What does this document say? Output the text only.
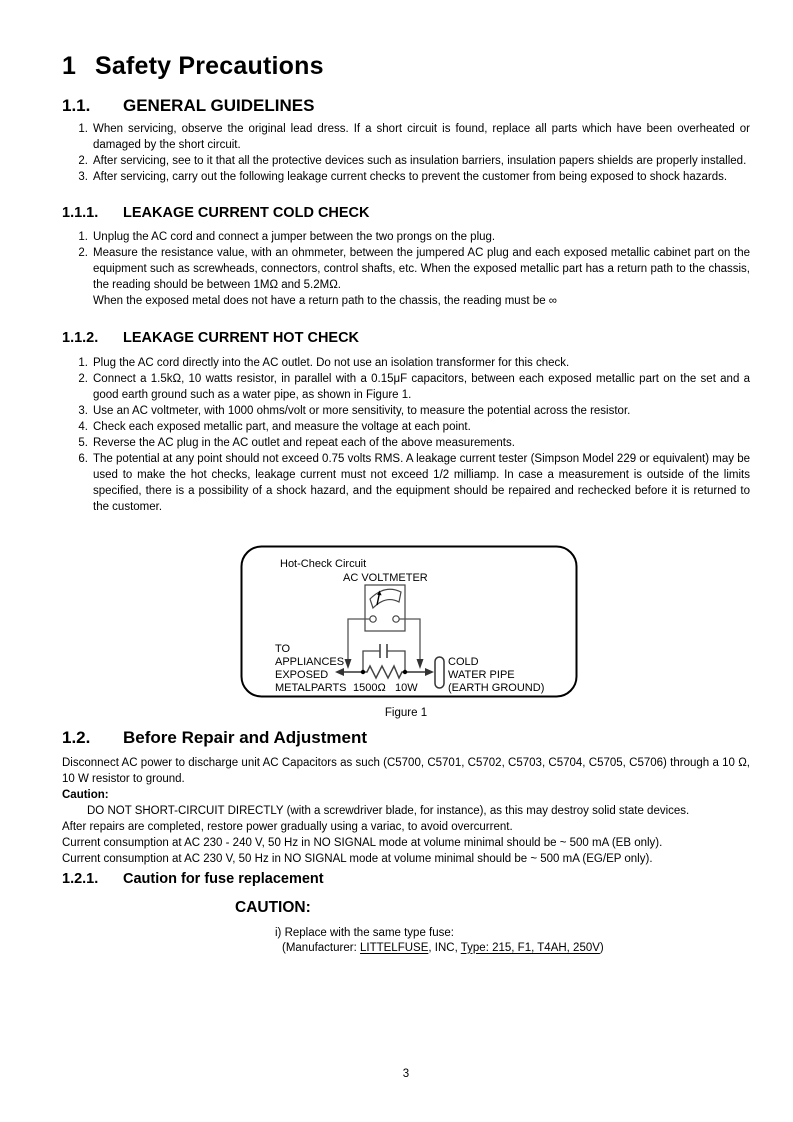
1 Safety Precautions
1.1.	GENERAL GUIDELINES
1. When servicing, observe the original lead dress. If a short circuit is found, replace all parts which have been overheated or damaged by the short circuit.
2. After servicing, see to it that all the protective devices such as insulation barriers, insulation papers shields are properly installed.
3. After servicing, carry out the following leakage current checks to prevent the customer from being exposed to shock hazards.
1.1.1.	LEAKAGE CURRENT COLD CHECK
1. Unplug the AC cord and connect a jumper between the two prongs on the plug.
2. Measure the resistance value, with an ohmmeter, between the jumpered AC plug and each exposed metallic cabinet part on the equipment such as screwheads, connectors, control shafts, etc. When the exposed metallic part has a return path to the chassis, the reading should be between 1MΩ and 5.2MΩ.
When the exposed metal does not have a return path to the chassis, the reading must be ∞
1.1.2.	LEAKAGE CURRENT HOT CHECK
1. Plug the AC cord directly into the AC outlet. Do not use an isolation transformer for this check.
2. Connect a 1.5kΩ, 10 watts resistor, in parallel with a 0.15μF capacitors, between each exposed metallic part on the set and a good earth ground such as a water pipe, as shown in Figure 1.
3. Use an AC voltmeter, with 1000 ohms/volt or more sensitivity, to measure the potential across the resistor.
4. Check each exposed metallic part, and measure the voltage at each point.
5. Reverse the AC plug in the AC outlet and repeat each of the above measurements.
6. The potential at any point should not exceed 0.75 volts RMS. A leakage current tester (Simpson Model 229 or equivalent) may be used to make the hot checks, leakage current must not exceed 1/2 milliamp. In case a measurement is outside of the limits specified, there is a possibility of a shock hazard, and the equipment should be repaired and rechecked before it is returned to the customer.
Figure 1
1.2.	Before Repair and Adjustment
Disconnect AC power to discharge unit AC Capacitors as such (C5700, C5701, C5702, C5703, C5704, C5705, C5706) through a 10 Ω, 10 W resistor to ground.
Caution:
DO NOT SHORT-CIRCUIT DIRECTLY (with a screwdriver blade, for instance), as this may destroy solid state devices.
After repairs are completed, restore power gradually using a variac, to avoid overcurrent.
Current consumption at AC 230 - 240 V, 50 Hz in NO SIGNAL mode at volume minimal should be ~ 500 mA (EB only).
Current consumption at AC 230 V, 50 Hz in NO SIGNAL mode at volume minimal should be ~ 500 mA (EG/EP only).
1.2.1.	Caution for fuse replacement
CAUTION:
i) Replace with the same type fuse:
(Manufacturer: LITTELFUSE, INC, Type: 215, F1, T4AH, 250V)
3
Hot-Check Circuit
AC VOLTMETER
TO
APPLIANCES
EXPOSED
METALPARTS 1500Ω 10W
COLD
WATER PIPE
(EARTH GROUND)
